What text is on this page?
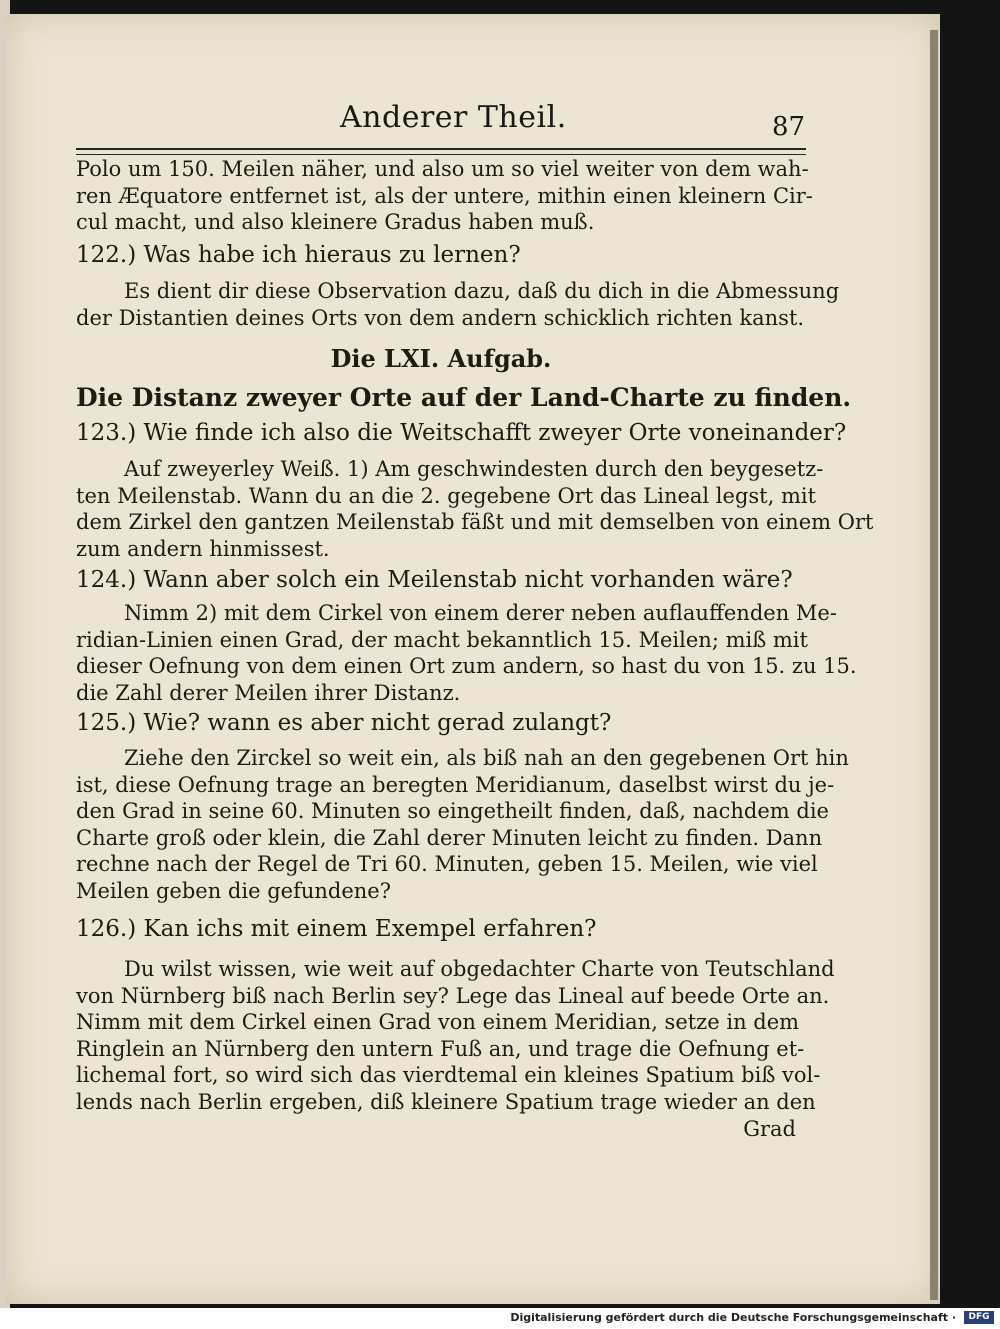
Anderer Theil.	87
Polo um 150. Meilen näher, und also um so viel weiter von dem wah-
ren Æquatore entfernet ist, als der untere, mithin einen kleinern Cir-
cul macht, und also kleinere Gradus haben muß.
122.) Was habe ich hieraus zu lernen?
Es dient dir diese Observation dazu, daß du dich in die Abmessung
der Distantien deines Orts von dem andern schicklich richten kanst.
Die LXI. Aufgab.
Die Distanz zweyer Orte auf der Land-Charte zu finden.
123.) Wie finde ich also die Weitschafft zweyer Orte voneinander?
Auf zweyerley Weiß. 1) Am geschwindesten durch den beygesetz-
ten Meilenstab. Wann du an die 2. gegebene Ort das Lineal legst, mit
dem Zirkel den gantzen Meilenstab fäßt und mit demselben von einem Ort
zum andern hinmissest.
124.) Wann aber solch ein Meilenstab nicht vorhanden wäre?
Nimm 2) mit dem Cirkel von einem derer neben auflauffenden Me-
ridian-Linien einen Grad, der macht bekanntlich 15. Meilen; miß mit
dieser Oefnung von dem einen Ort zum andern, so hast du von 15. zu 15.
die Zahl derer Meilen ihrer Distanz.
125.) Wie? wann es aber nicht gerad zulangt?
Ziehe den Zirckel so weit ein, als biß nah an den gegebenen Ort hin
ist, diese Oefnung trage an beregten Meridianum, daselbst wirst du je-
den Grad in seine 60. Minuten so eingetheilt finden, daß, nachdem die
Charte groß oder klein, die Zahl derer Minuten leicht zu finden. Dann
rechne nach der Regel de Tri 60. Minuten, geben 15. Meilen, wie viel
Meilen geben die gefundene?
126.) Kan ichs mit einem Exempel erfahren?
Du wilst wissen, wie weit auf obgedachter Charte von Teutschland
von Nürnberg biß nach Berlin sey? Lege das Lineal auf beede Orte an.
Nimm mit dem Cirkel einen Grad von einem Meridian, setze in dem
Ringlein an Nürnberg den untern Fuß an, und trage die Oefnung et-
lichemal fort, so wird sich das vierdtemal ein kleines Spatium biß vol-
lends nach Berlin ergeben, diß kleinere Spatium trage wieder an den
Grad
Digitalisierung gefördert durch die Deutsche Forschungsgemeinschaft ·	DFG
